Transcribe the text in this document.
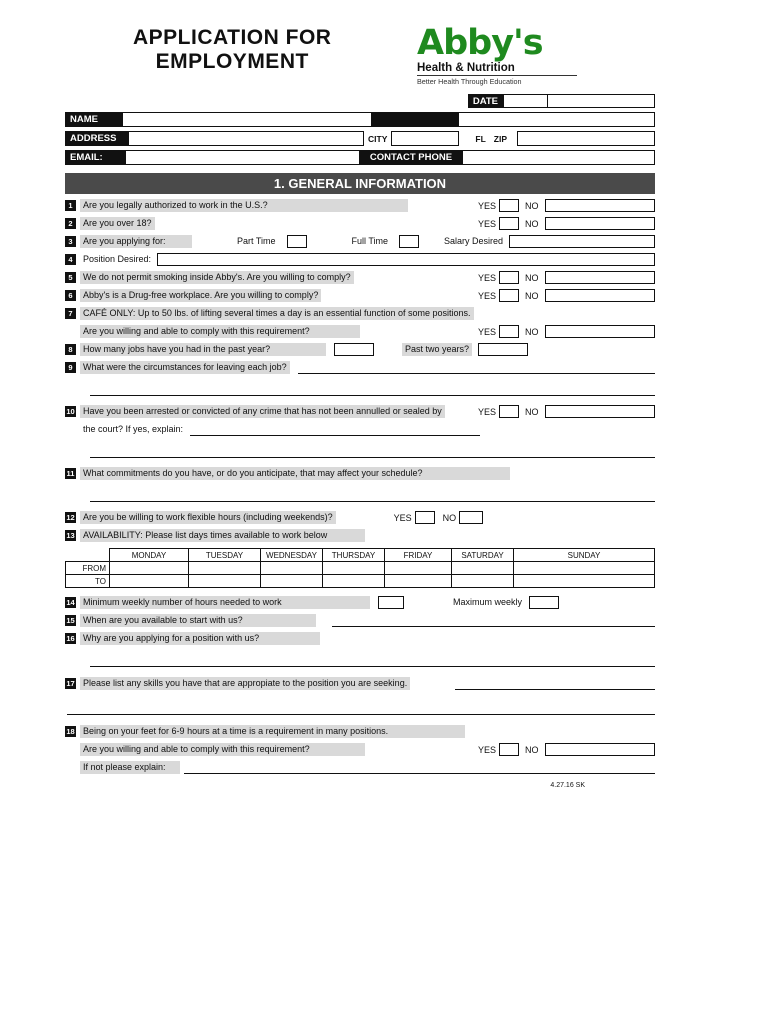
APPLICATION FOR
EMPLOYMENT	Abby's
Health & Nutrition
Better Health Through Education
DATE
NAME
ADDRESS	CITY	FL ZIP
EMAIL:	CONTACT PHONE
1. GENERAL INFORMATION
1	Are you legally authorized to work in the U.S.?	YES	NO
2	Are you over 18?	YES	NO
3	Are you applying for:	Part Time	Full Time	Salary Desired
4	Position Desired:
5	We do not permit smoking inside Abby's. Are you willing to comply?	YES	NO
6	Abby's is a Drug-free workplace. Are you willing to comply?	YES	NO
7	CAFÉ ONLY: Up to 50 lbs. of lifting several times a day is an essential function of some positions.
Are you willing and able to comply with this requirement?	YES	NO
8	How many jobs have you had in the past year?	Past two years?
9	What were the circumstances for leaving each job?
10 Have you been arrested or convicted of any crime that has not been annulled or sealed by	YES	NO
the court? If yes, explain:
11 What commitments do you have, or do you anticipate, that may affect your schedule?
12 Are you be willing to work flexible hours (including weekends)?	YES	NO
13 AVAILABILITY: Please list days times available to work below
MONDAY	TUESDAY	WEDNESDAY	THURSDAY	FRIDAY	SATURDAY	SUNDAY
FROM
TO
14 Minimum weekly number of hours needed to work	Maximum weekly
15 When are you available to start with us?
16 Why are you applying for a position with us?
17 Please list any skills you have that are appropiate to the position you are seeking.
18 Being on your feet for 6-9 hours at a time is a requirement in many positions.
Are you willing and able to comply with this requirement?	YES	NO
If not please explain:
4.27.16 SK
